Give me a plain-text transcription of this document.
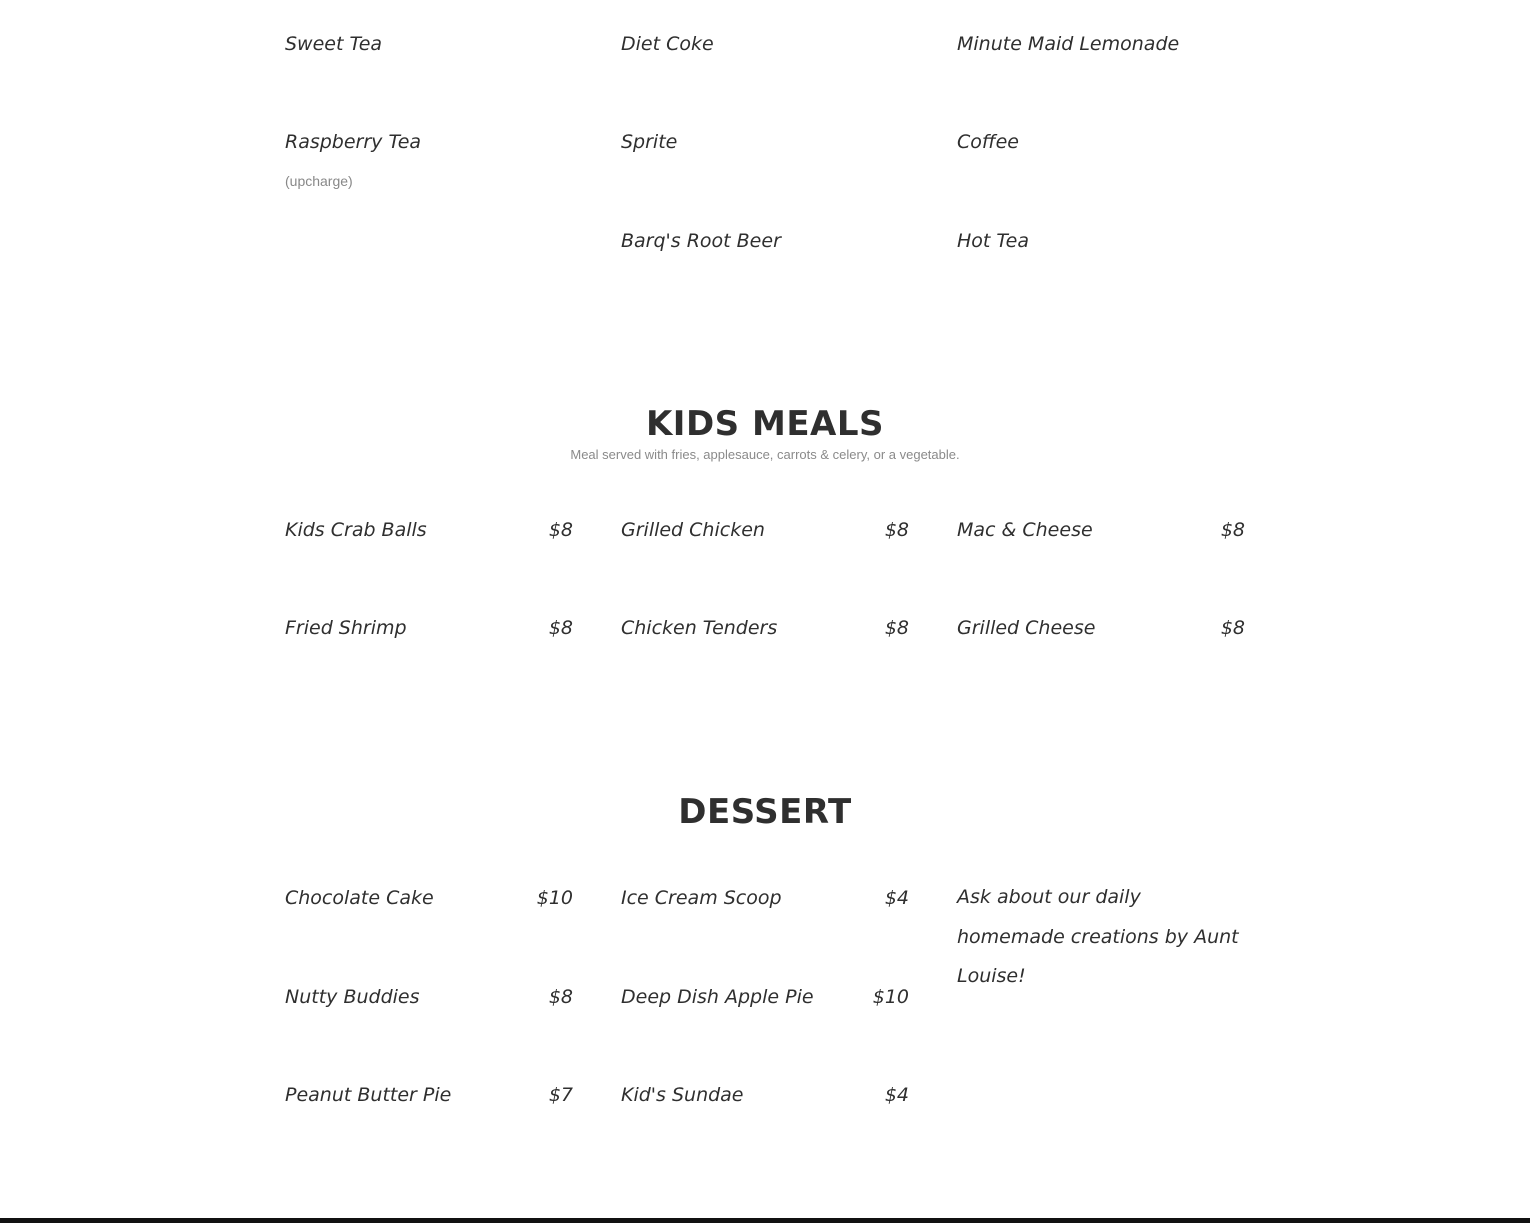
Sweet Tea
Raspberry Tea
(upcharge)
Diet Coke
Sprite
Barq's Root Beer
Minute Maid Lemonade
Coffee
Hot Tea
KIDS MEALS
Meal served with fries, applesauce, carrots & celery, or a vegetable.
Kids Crab Balls	$8
Fried Shrimp	$8
Grilled Chicken	$8
Chicken Tenders	$8
Mac & Cheese	$8
Grilled Cheese	$8
DESSERT
Chocolate Cake	$10
Nutty Buddies	$8
Peanut Butter Pie	$7
Ice Cream Scoop	$4
Deep Dish Apple Pie	$10
Kid's Sundae	$4
Ask about our daily homemade creations by Aunt Louise!
